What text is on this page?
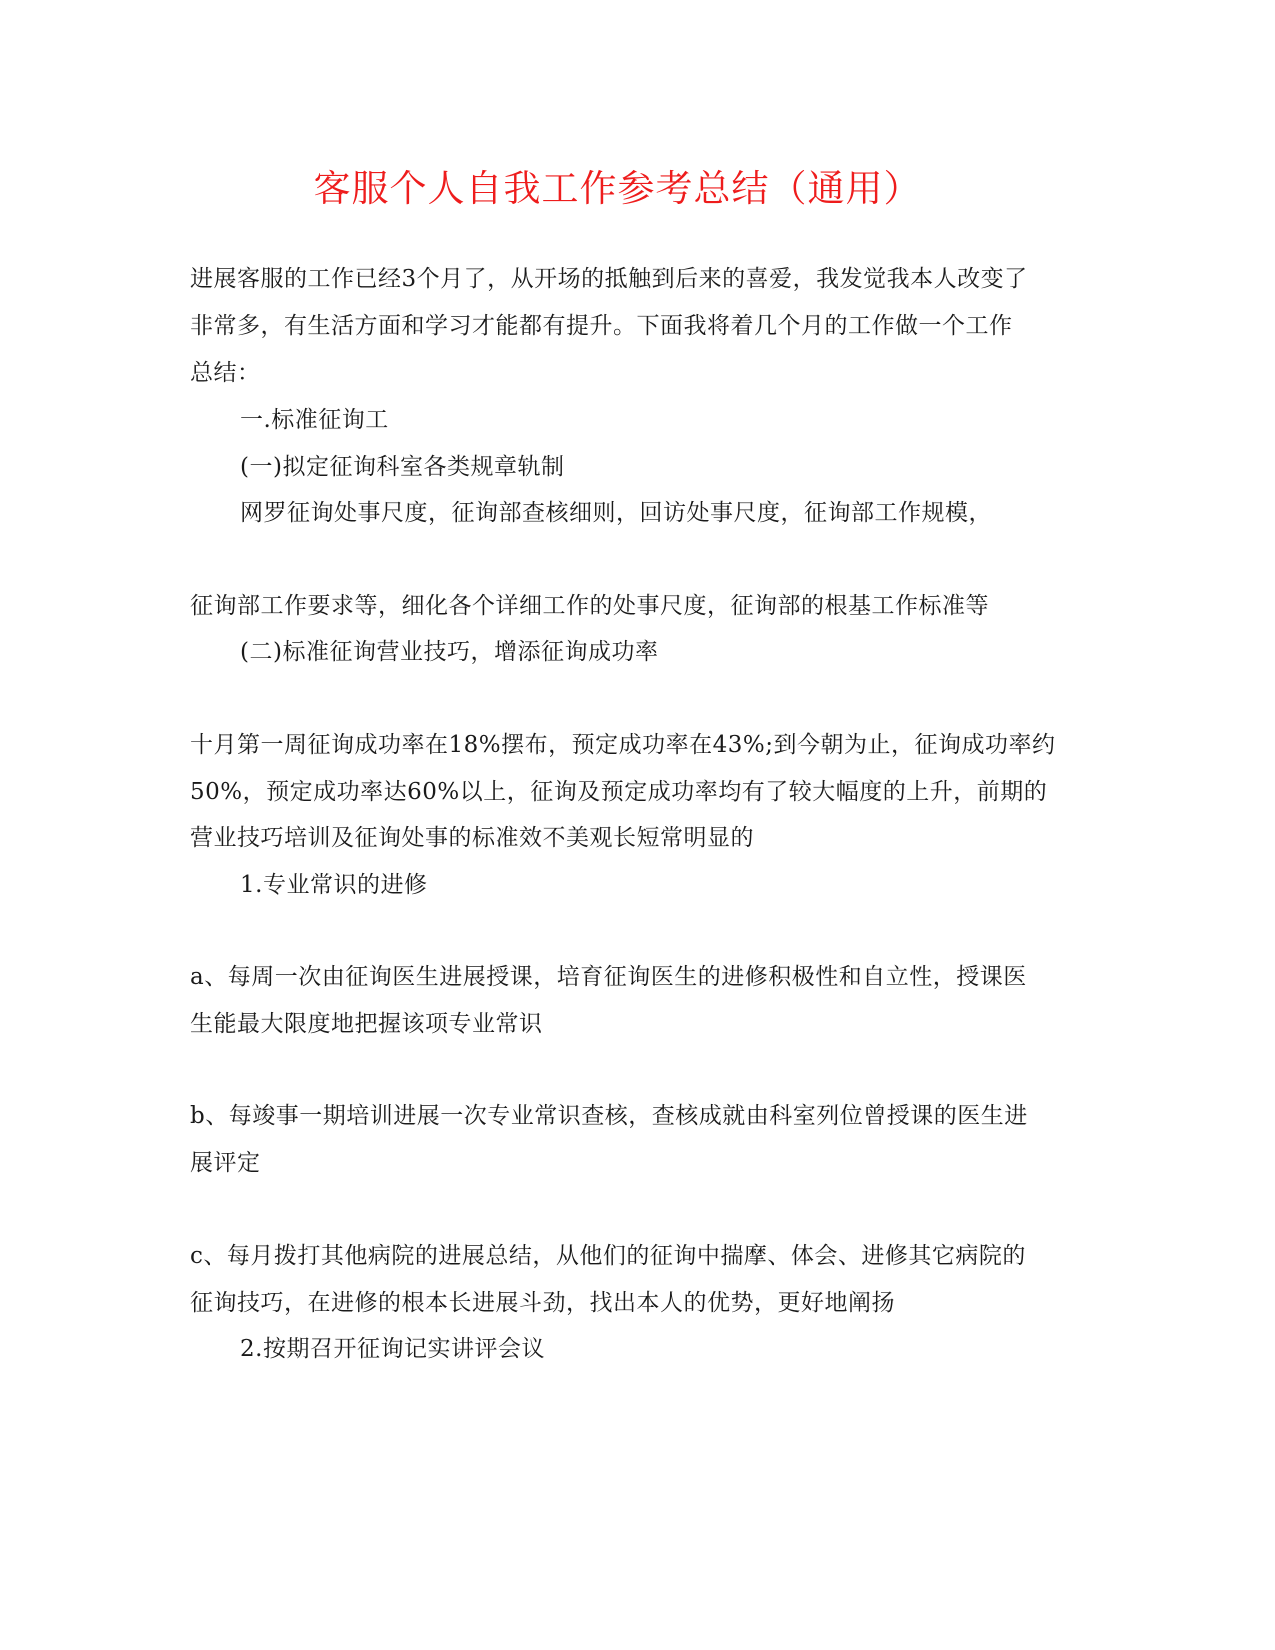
客服个人自我工作参考总结（通用）
进展客服的工作已经3个月了，从开场的抵触到后来的喜爱，我发觉我本人改变了
非常多，有生活方面和学习才能都有提升。下面我将着几个月的工作做一个工作
总结：
一.标准征询工
(一)拟定征询科室各类规章轨制
网罗征询处事尺度，征询部查核细则，回访处事尺度，征询部工作规模，
征询部工作要求等，细化各个详细工作的处事尺度，征询部的根基工作标准等
(二)标准征询营业技巧，增添征询成功率
十月第一周征询成功率在18%摆布，预定成功率在43%;到今朝为止，征询成功率约
50%，预定成功率达60%以上，征询及预定成功率均有了较大幅度的上升，前期的
营业技巧培训及征询处事的标准效不美观长短常明显的
1.专业常识的进修
a、每周一次由征询医生进展授课，培育征询医生的进修积极性和自立性，授课医
生能最大限度地把握该项专业常识
b、每竣事一期培训进展一次专业常识查核，查核成就由科室列位曾授课的医生进
展评定
c、每月拨打其他病院的进展总结，从他们的征询中揣摩、体会、进修其它病院的
征询技巧，在进修的根本长进展斗劲，找出本人的优势，更好地阐扬
2.按期召开征询记实讲评会议
